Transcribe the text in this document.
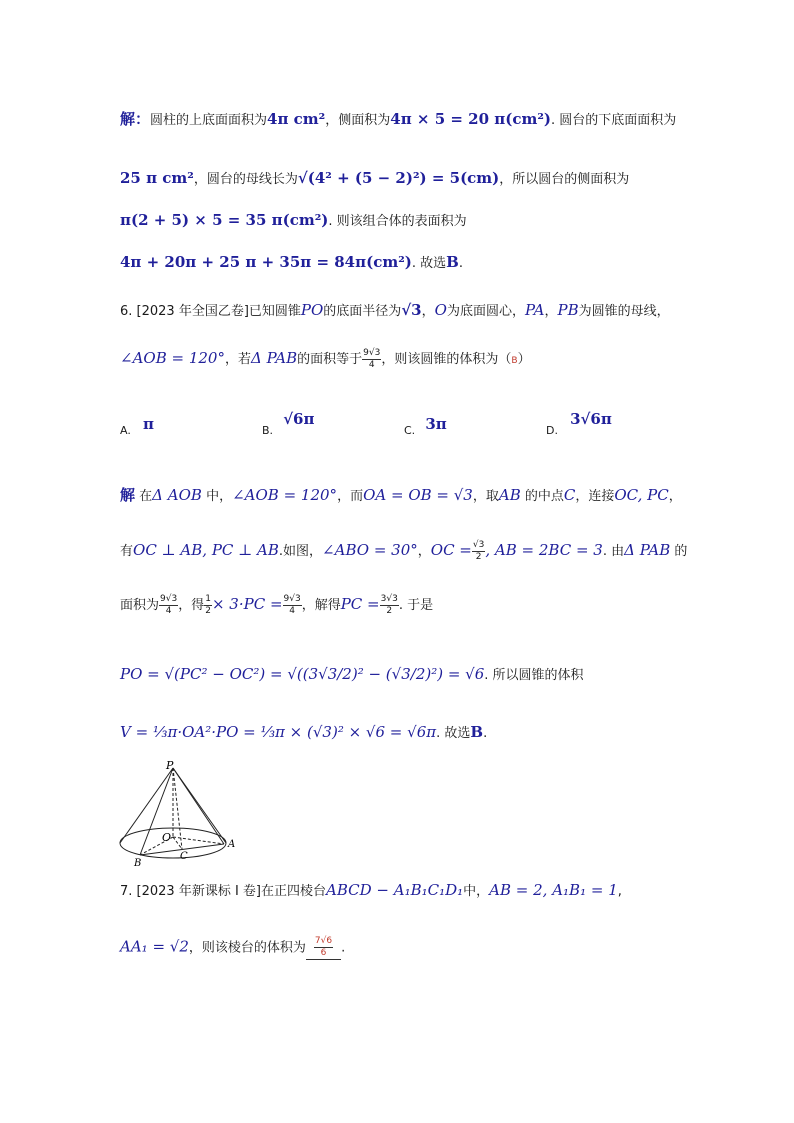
解：圆柱的上底面面积为4π cm²，侧面积为4π × 5 = 20 π(cm²). 圆台的下底面面积为
25 π cm²，圆台的母线长为√(4² + (5 − 2)²) = 5(cm)，所以圆台的侧面积为
π(2 + 5) × 5 = 35 π(cm²). 则该组合体的表面积为
4π + 20π + 25 π + 35π = 84π(cm²). 故选B.
6. [2023 年全国乙卷]已知圆锥PO的底面半径为√3，O为底面圆心，PA，PB为圆锥的母线，
∠AOB = 120°，若Δ PAB的面积等于 $\frac{9√3}{4}$ ，则该圆锥的体积为（B）
A. π	B. √6π
C. 3π	D. 3√6π
解 在Δ AOB 中，∠AOB = 120°，而OA = OB = √3，取AB 的中点C，连接OC, PC，
有OC ⊥ AB, PC ⊥ AB.如图，∠ABO = 30°，OC = $\frac{√3}{2}$ , AB = 2BC = 3. 由Δ PAB 的
面积为 $\frac{9√3}{4}$ ，得 $\frac{1}{2} \times 3\cdot PC = \frac{9√3}{4}$ ，解得PC = $\frac{3√3}{2}$ . 于是
PO = √(PC² − OC²) = √((3√3/2)² − (√3/2)²) = √6. 所以圆锥的体积
V = ⅓π·OA²·PO = ⅓π × (√3)² × √6 = √6π. 故选B.
P
O
A
B
C
7. [2023 年新课标 I 卷]在正四棱台ABCD − A₁B₁C₁D₁中，AB = 2, A₁B₁ = 1,
AA₁ = √2，则该棱台的体积为 $\frac{7√6}{6}$ .
